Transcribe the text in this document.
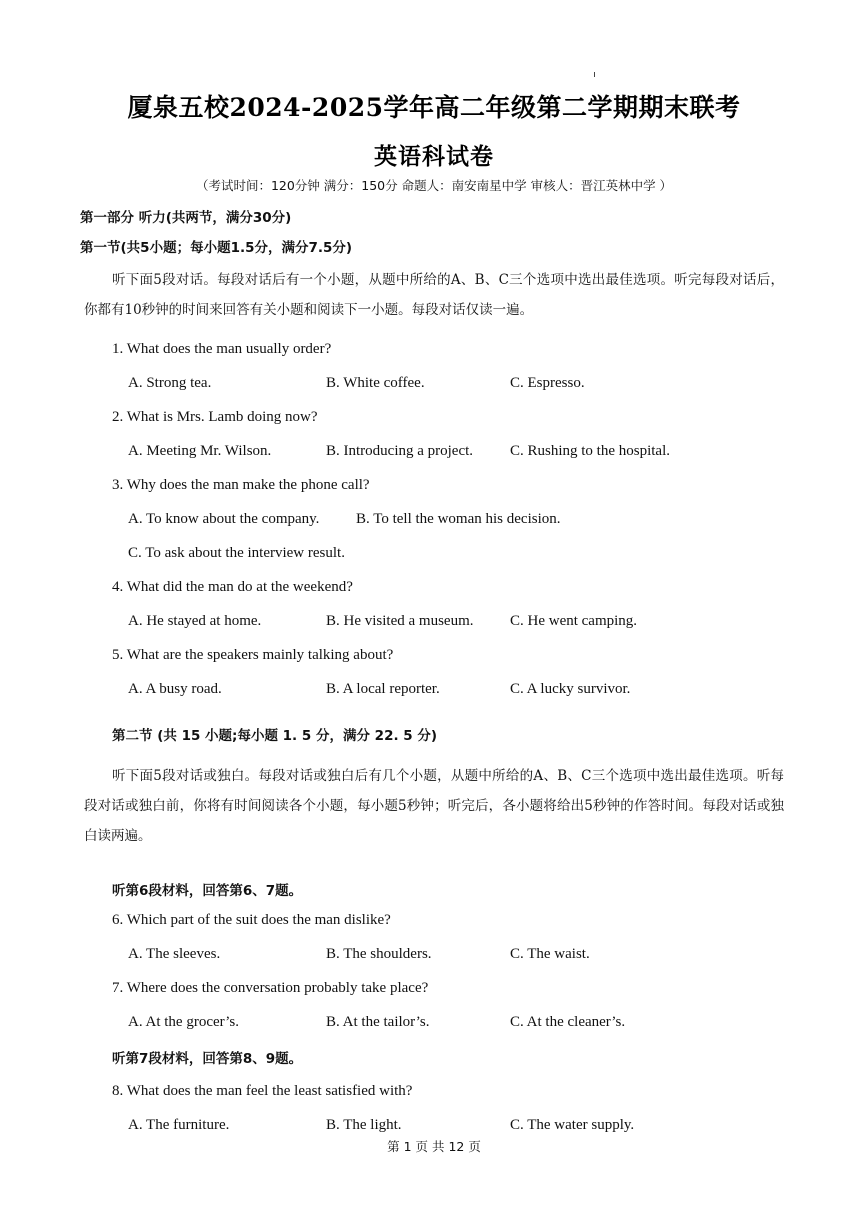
厦泉五校2024-2025学年高二年级第二学期期末联考
英语科试卷
（考试时间：120分钟 满分：150分 命题人：南安南星中学 审核人：晋江英林中学 ）
第一部分 听力(共两节，满分30分)
第一节(共5小题；每小题1.5分，满分7.5分)
听下面5段对话。每段对话后有一个小题，从题中所给的A、B、C三个选项中选出最佳选项。听完每段对话后，你都有10秒钟的时间来回答有关小题和阅读下一小题。每段对话仅读一遍。
1. What does the man usually order?
A. Strong tea.	B. White coffee.	C. Espresso.
2. What is Mrs. Lamb doing now?
A. Meeting Mr. Wilson.	B. Introducing a project. C. Rushing to the hospital.
3. Why does the man make the phone call?
A. To know about the company. B. To tell the woman his decision.
C. To ask about the interview result.
4. What did the man do at the weekend?
A. He stayed at home.	B. He visited a museum. C. He went camping.
5. What are the speakers mainly talking about?
A. A busy road.	B. A local reporter.	C. A lucky survivor.
第二节 (共 15 小题;每小题 1. 5 分，满分 22. 5 分)
听下面5段对话或独白。每段对话或独白后有几个小题，从题中所给的A、B、C三个选项中选出最佳选项。听每段对话或独白前，你将有时间阅读各个小题，每小题5秒钟；听完后，各小题将给出5秒钟的作答时间。每段对话或独白读两遍。
听第6段材料，回答第6、7题。
6. Which part of the suit does the man dislike?
A. The sleeves.	B. The shoulders.	C. The waist.
7. Where does the conversation probably take place?
A. At the grocer’s.	B. At the tailor’s.	C. At the cleaner’s.
听第7段材料，回答第8、9题。
8. What does the man feel the least satisfied with?
A. The furniture.	B. The light.	C. The water supply.
第 1 页 共 12 页
